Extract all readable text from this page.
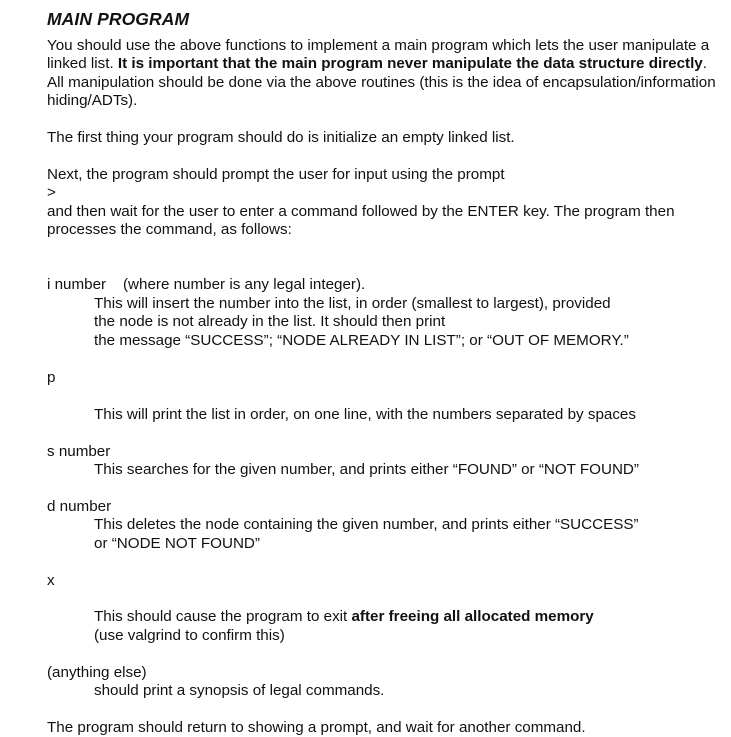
MAIN PROGRAM

You should use the above functions to implement a main program which lets the user manipulate a linked list. It is important that the main program never manipulate the data structure directly. All manipulation should be done via the above routines (this is the idea of encapsulation/information hiding/ADTs).

The first thing your program should do is initialize an empty linked list.

Next, the program should prompt the user for input using the prompt

>

and then wait for the user to enter a command followed by the ENTER key. The program then processes the command, as follows:

i number    (where number is any legal integer).

This will insert the number into the list, in order (smallest to largest), provided

the node is not already in the list. It should then print

the message “SUCCESS”; “NODE ALREADY IN LIST”; or “OUT OF MEMORY.”

p

This will print the list in order, on one line, with the numbers separated by spaces

s number

This searches for the given number, and prints either “FOUND” or “NOT FOUND”

d number

This deletes the node containing the given number, and prints either “SUCCESS”

or “NODE NOT FOUND”

x

This should cause the program to exit after freeing all allocated memory

(use valgrind to confirm this)

(anything else)

should print a synopsis of legal commands.

The program should return to showing a prompt, and wait for another command.
